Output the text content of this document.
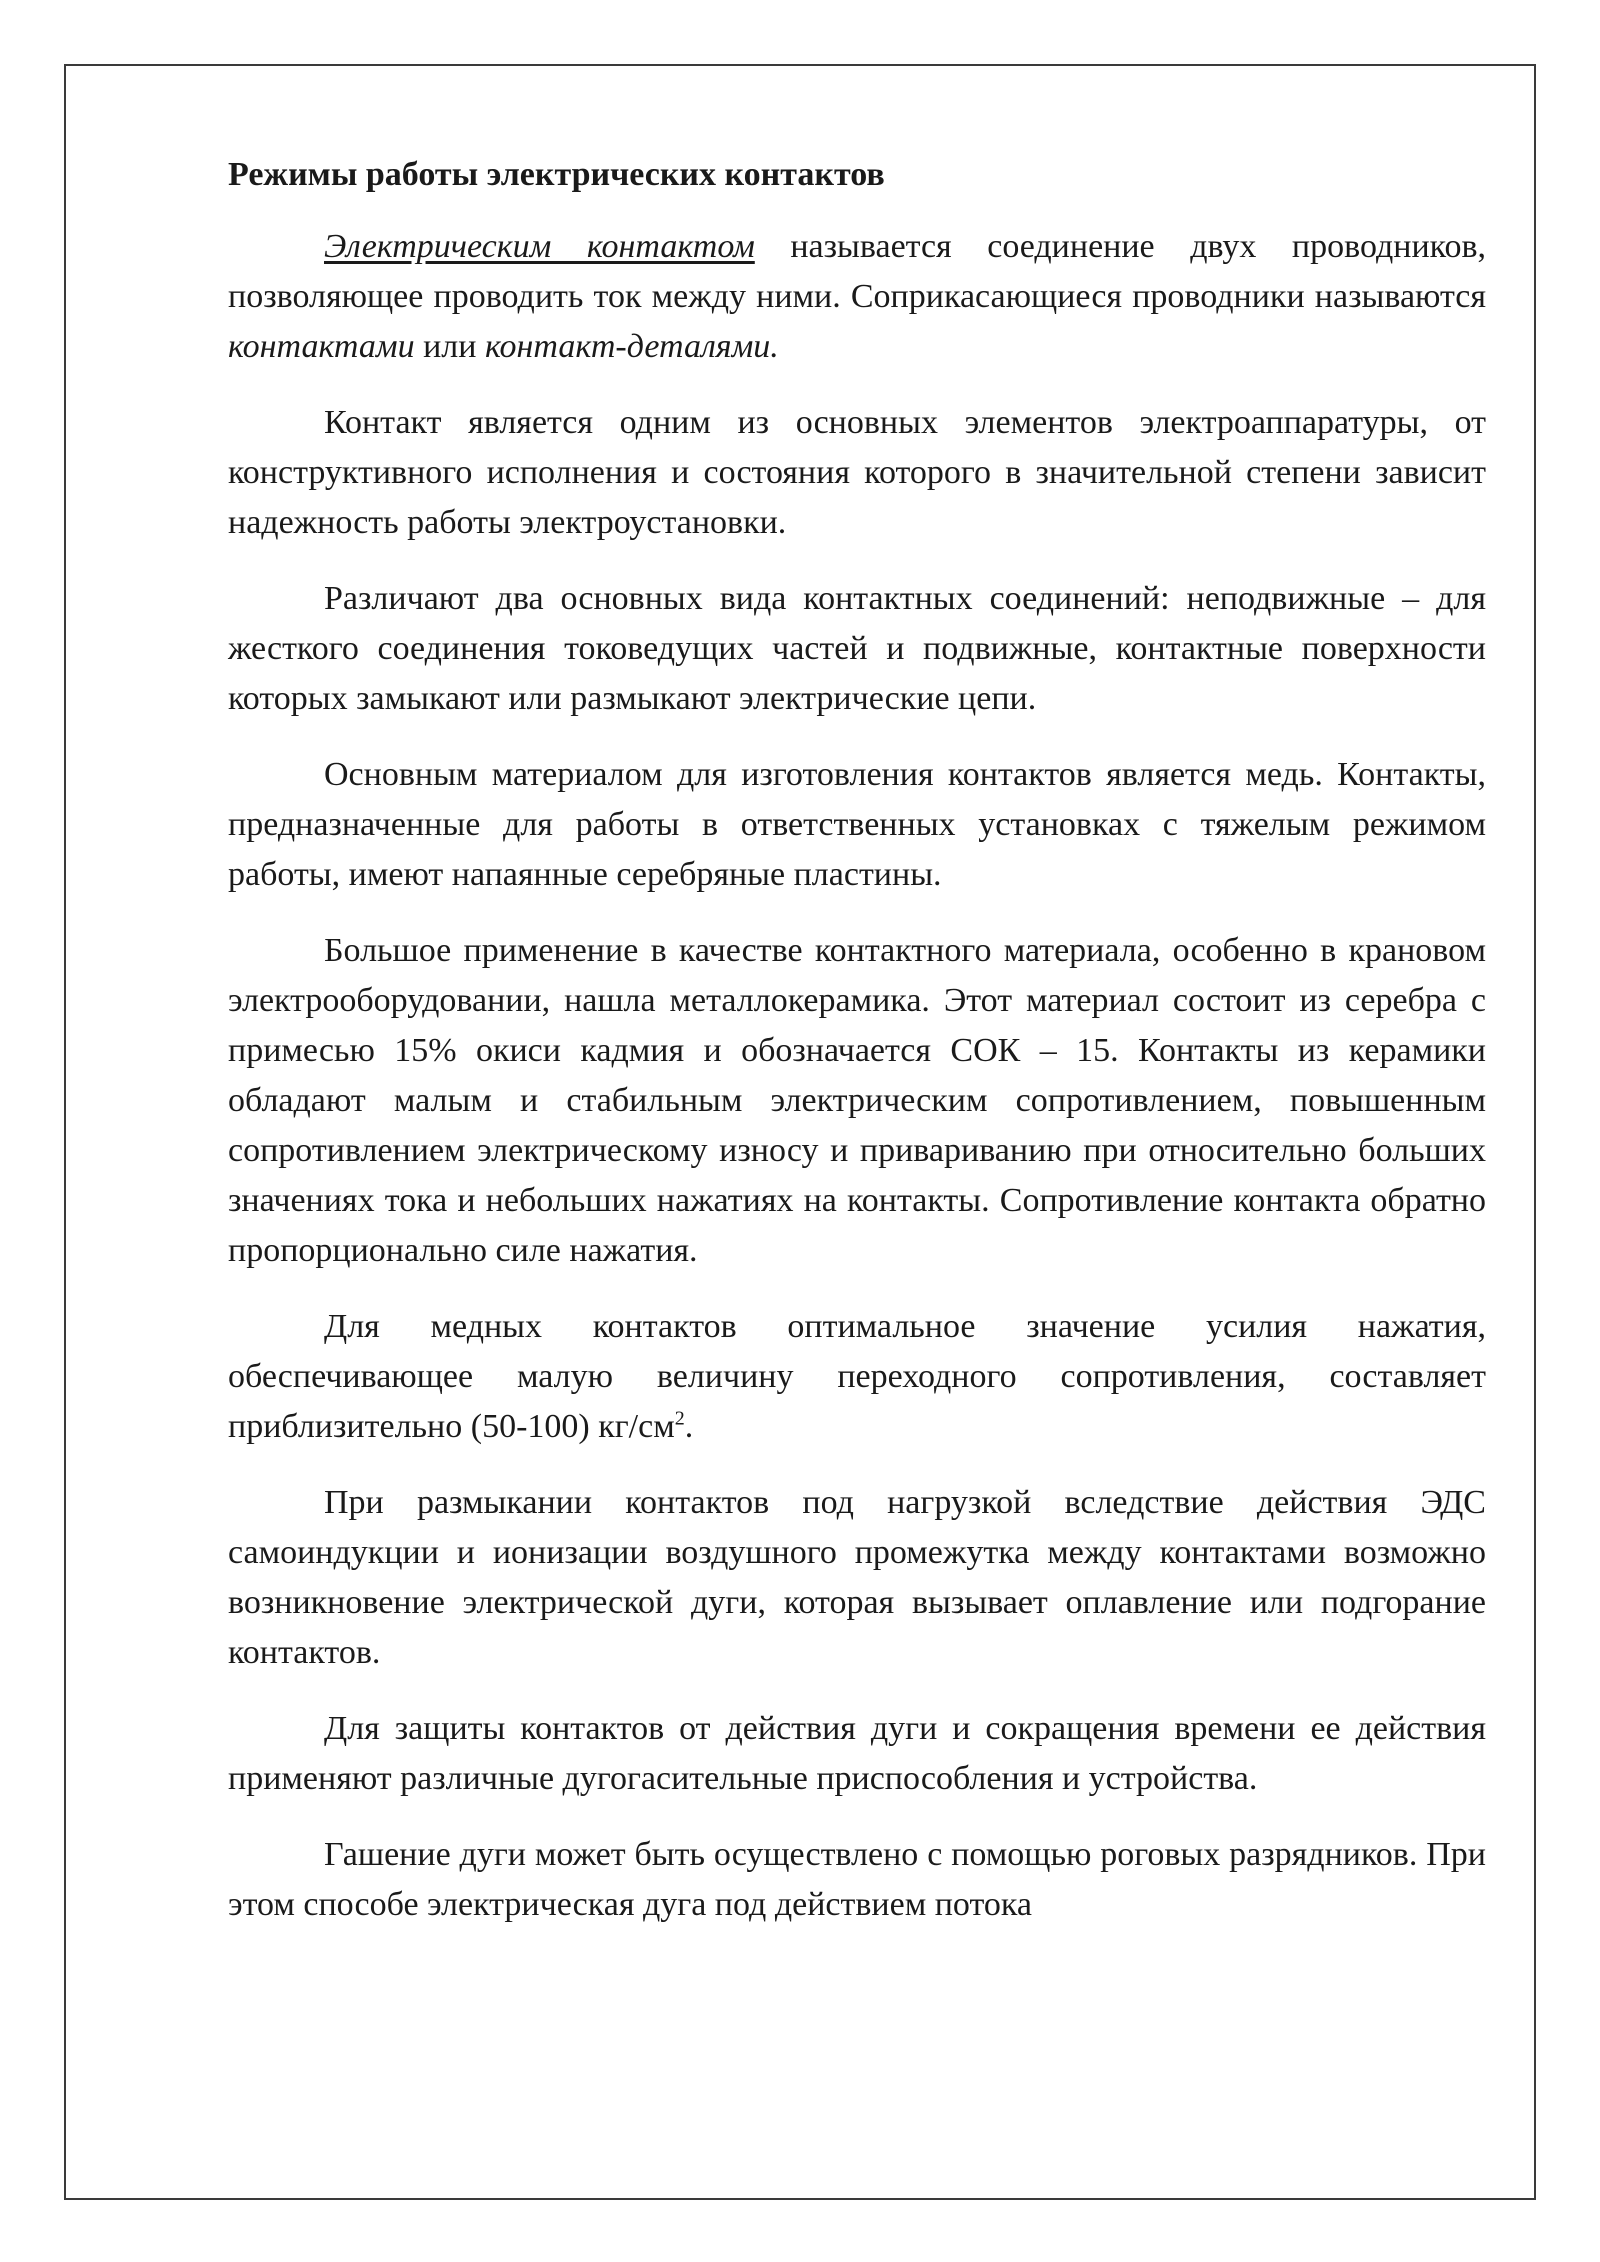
Режимы работы электрических контактов

Электрическим контактом называется соединение двух проводников, позволяющее проводить ток между ними. Соприкасающиеся проводники называются контактами или контакт-деталями.

Контакт является одним из основных элементов электроаппаратуры, от конструктивного исполнения и состояния которого в значительной степени зависит надежность работы электроустановки.

Различают два основных вида контактных соединений: неподвижные – для жесткого соединения токоведущих частей и подвижные, контактные поверхности которых замыкают или размыкают электрические цепи.

Основным материалом для изготовления контактов является медь. Контакты, предназначенные для работы в ответственных установках с тяжелым режимом работы, имеют напаянные серебряные пластины.

Большое применение в качестве контактного материала, особенно в крановом электрооборудовании, нашла металлокерамика. Этот материал состоит из серебра с примесью 15% окиси кадмия и обозначается СОК – 15. Контакты из керамики обладают малым и стабильным электрическим сопротивлением, повышенным сопротивлением электрическому износу и привариванию при относительно больших значениях тока и небольших нажатиях на контакты. Сопротивление контакта обратно пропорционально силе нажатия.

Для медных контактов оптимальное значение усилия нажатия, обеспечивающее малую величину переходного сопротивления, составляет приблизительно (50-100) $кг/см^2$.

При размыкании контактов под нагрузкой вследствие действия ЭДС самоиндукции и ионизации воздушного промежутка между контактами возможно возникновение электрической дуги, которая вызывает оплавление или подгорание контактов.

Для защиты контактов от действия дуги и сокращения времени ее действия применяют различные дугогасительные приспособления и устройства.

Гашение дуги может быть осуществлено с помощью роговых разрядников. При этом способе электрическая дуга под действием потока
